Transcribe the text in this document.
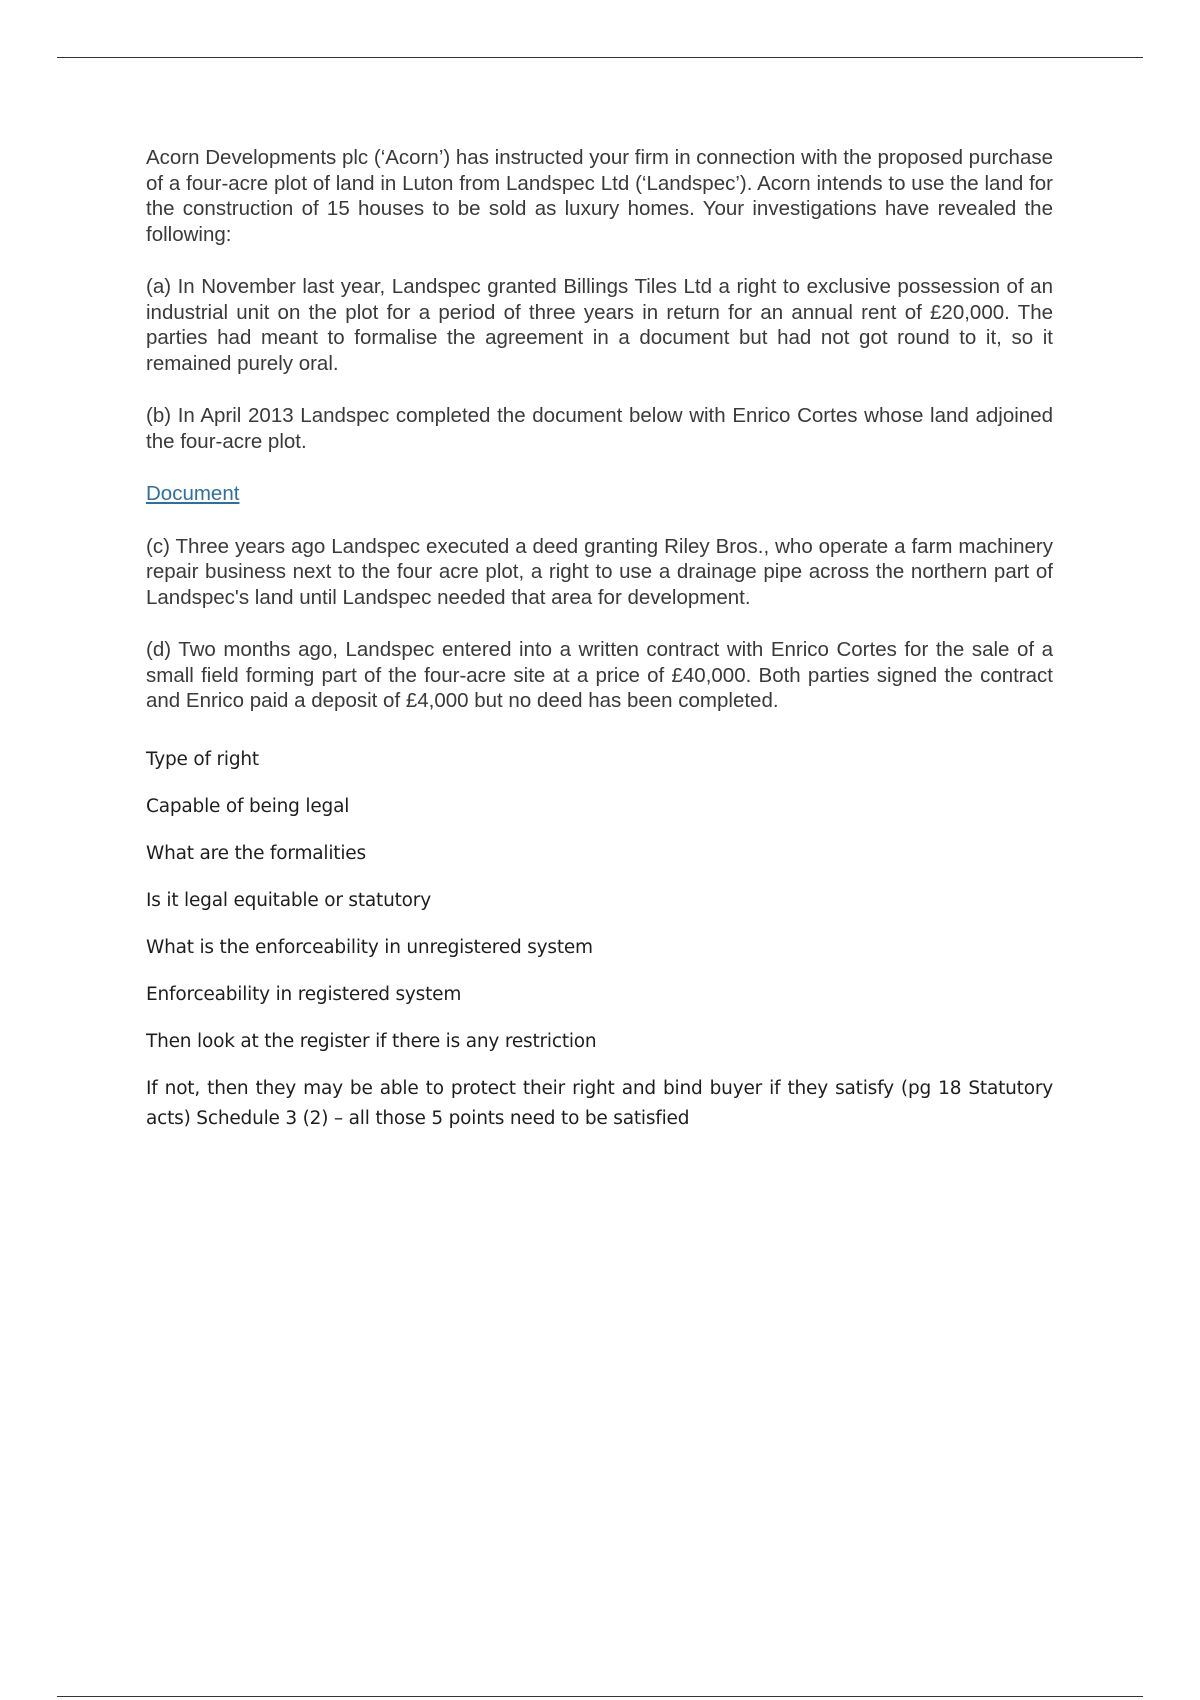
Acorn Developments plc (‘Acorn’) has instructed your firm in connection with the proposed purchase of a four-acre plot of land in Luton from Landspec Ltd (‘Landspec’). Acorn intends to use the land for the construction of 15 houses to be sold as luxury homes. Your investigations have revealed the following:

(a) In November last year, Landspec granted Billings Tiles Ltd a right to exclusive possession of an industrial unit on the plot for a period of three years in return for an annual rent of £20,000. The parties had meant to formalise the agreement in a document but had not got round to it, so it remained purely oral.

(b) In April 2013 Landspec completed the document below with Enrico Cortes whose land adjoined the four-acre plot.

Document

(c) Three years ago Landspec executed a deed granting Riley Bros., who operate a farm machinery repair business next to the four acre plot, a right to use a drainage pipe across the northern part of Landspec's land until Landspec needed that area for development.

(d) Two months ago, Landspec entered into a written contract with Enrico Cortes for the sale of a small field forming part of the four-acre site at a price of £40,000. Both parties signed the contract and Enrico paid a deposit of £4,000 but no deed has been completed.

Type of right

Capable of being legal

What are the formalities

Is it legal equitable or statutory

What is the enforceability in unregistered system

Enforceability in registered system

Then look at the register if there is any restriction

If not, then they may be able to protect their right and bind buyer if they satisfy (pg 18 Statutory acts) Schedule 3 (2) – all those 5 points need to be satisfied
